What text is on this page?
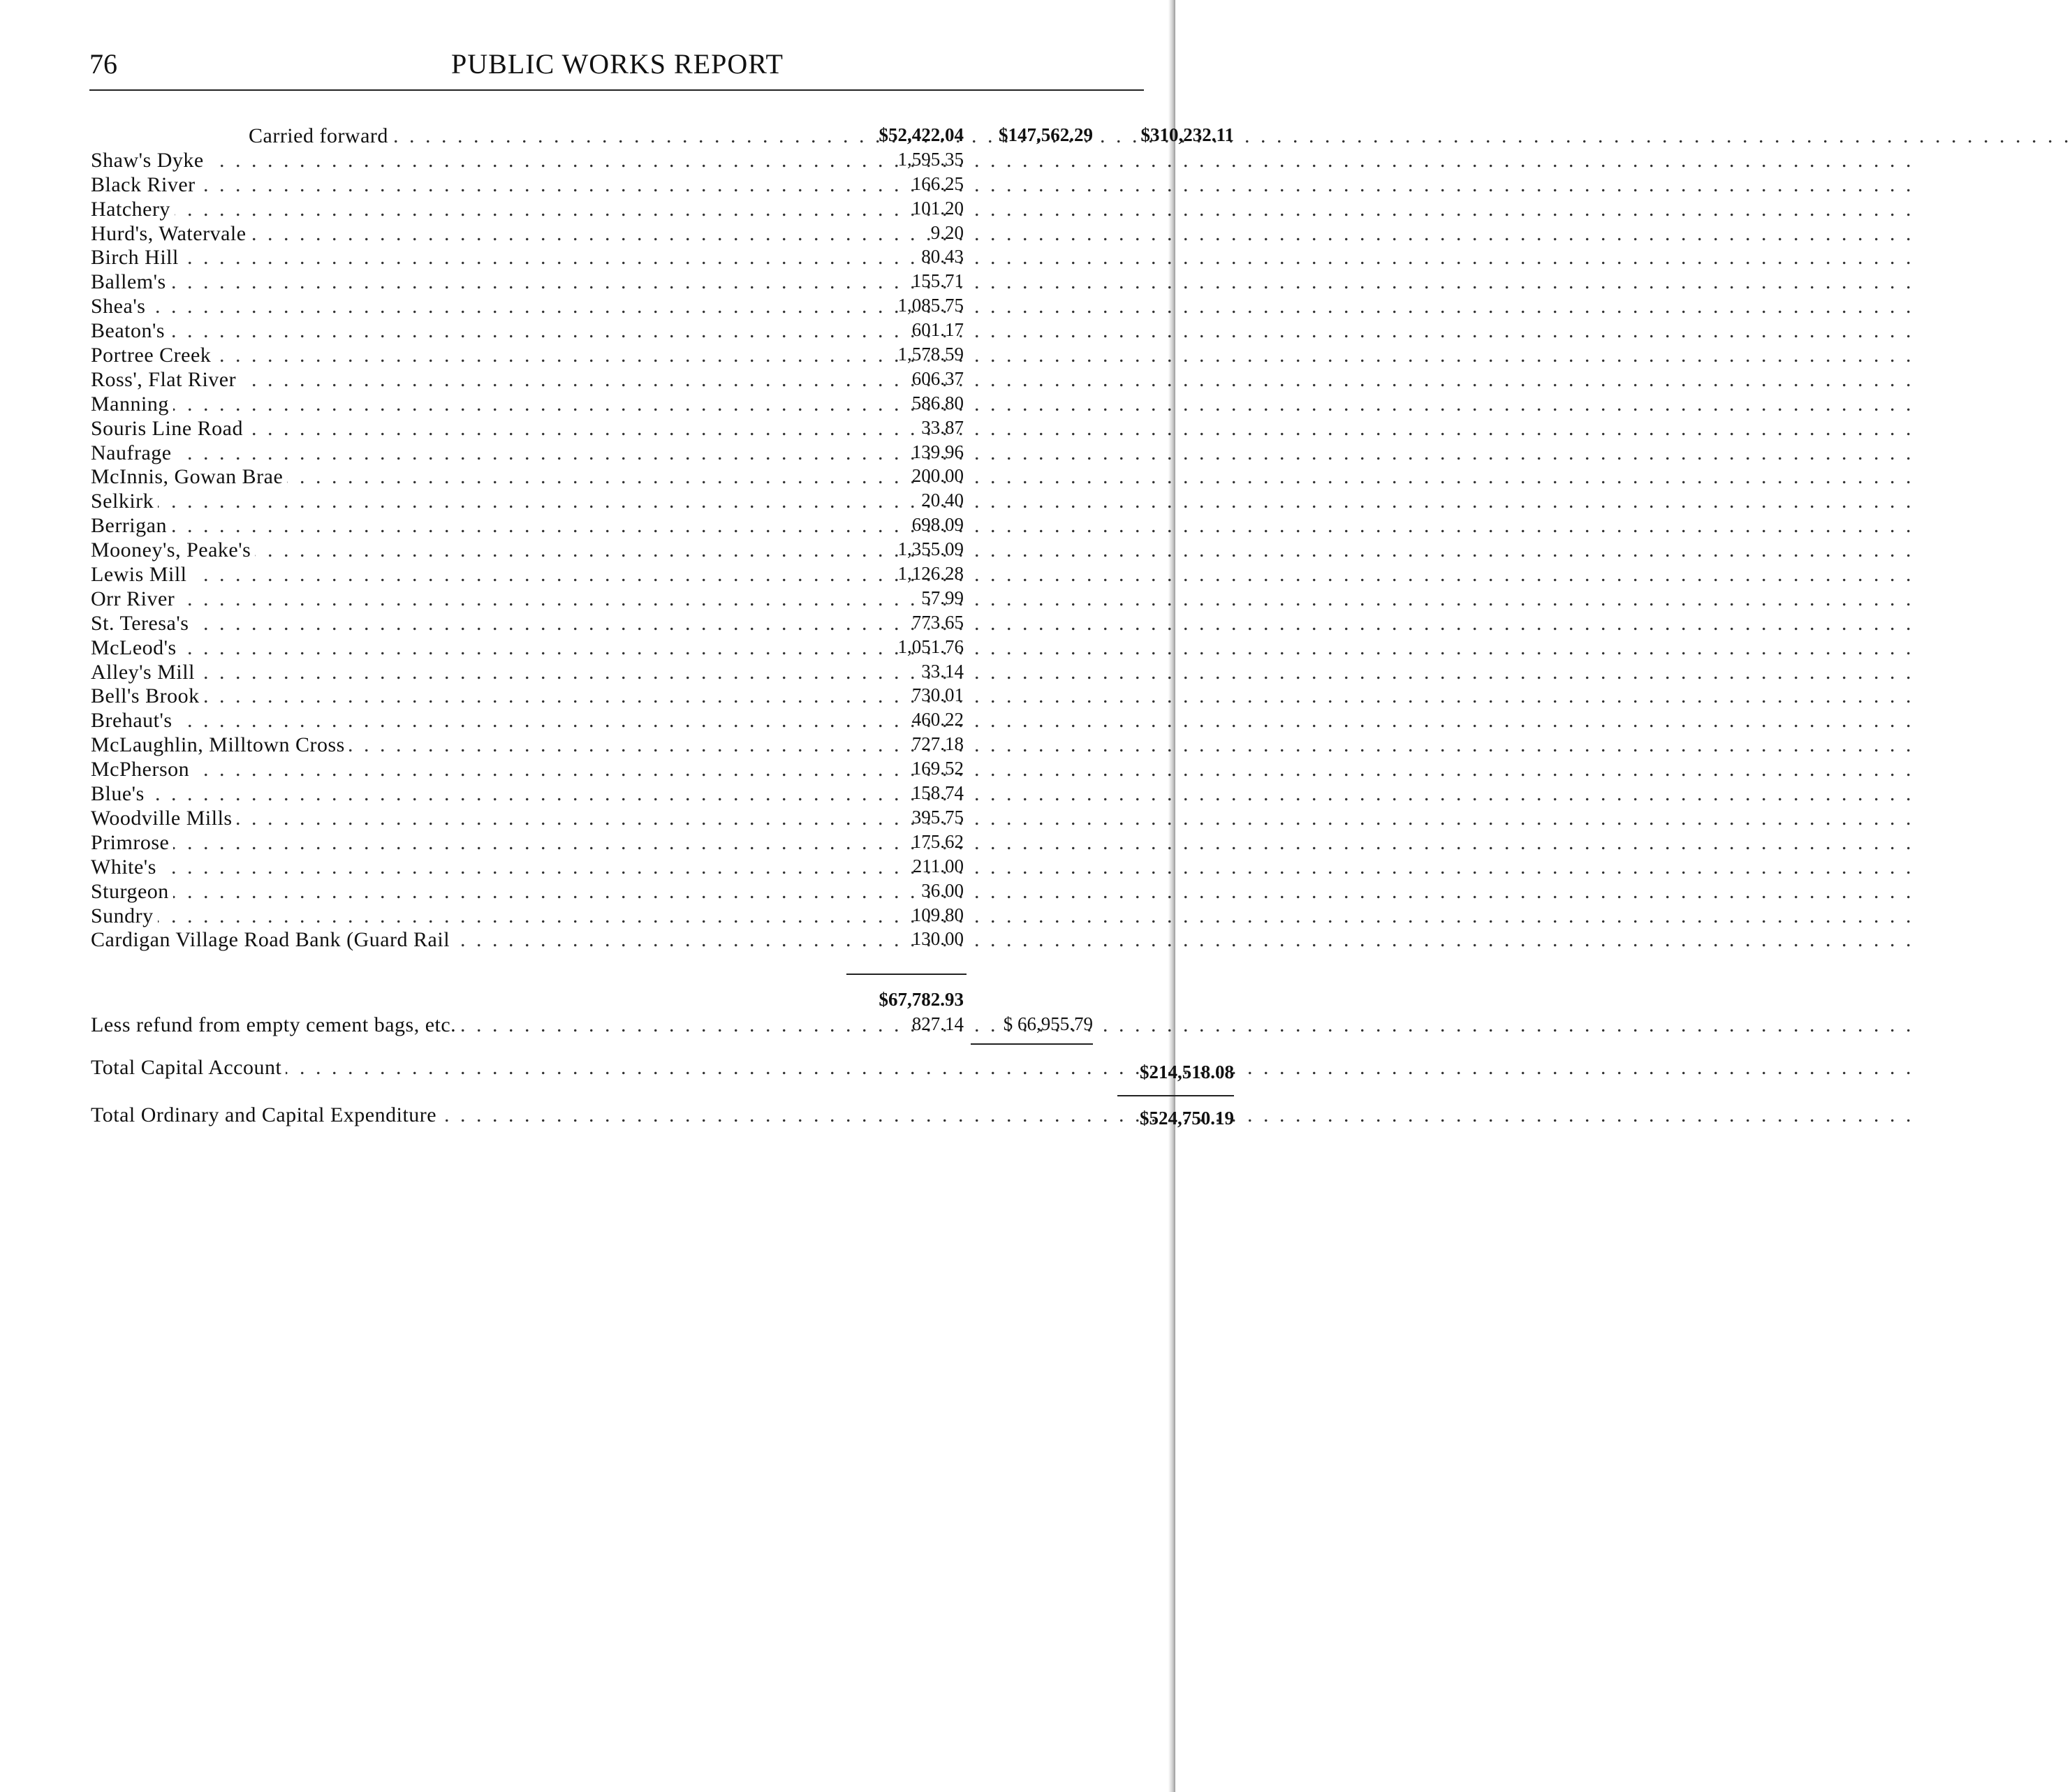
76	PUBLIC WORKS REPORT
. . .
Carried forward	$52,422.04	$147,562.29	$310,232.11
. . .
Shaw's Dyke	1,595.35
. . .
Black River	166.25
. . .
Hatchery	101.20
. . .
Hurd's, Watervale	9.20
. . .
Birch Hill	80.43
. . .
Ballem's	155.71
. . .
Shea's	1,085.75
. . .
Beaton's	601.17
. . .
Portree Creek	1,578.59
. . .
Ross', Flat River	606.37
. . .
Manning	586.80
. . .
Souris Line Road	33.87
. . .
Naufrage	139.96
. . .
McInnis, Gowan Brae	200.00
. . .
Selkirk	20.40
. . .
Berrigan	698.09
. . .
Mooney's, Peake's	1,355.09
. . .
Lewis Mill	1,126.28
. . .
Orr River	57.99
. . .
St. Teresa's	773.65
. . .
McLeod's	1,051.76
. . .
Alley's Mill	33.14
. . .
Bell's Brook	730.01
. . .
Brehaut's	460.22
. . .
McLaughlin, Milltown Cross	727.18
. . .
McPherson	169.52
. . .
Blue's	158.74
. . .
Woodville Mills	395.75
. . .
Primrose	175.62
. . .
White's	211.00
. . .
Sturgeon	36.00
. . .
Sundry	109.80
. . .
Cardigan Village Road Bank (Guard Rail	130.00
$67,782.93
. . .
Less refund from empty cement bags, etc.	827.14	$ 66,955.79
. . .
Total Capital Account	$214,518.08
. . .
Total Ordinary and Capital Expenditure	$524,750.19
